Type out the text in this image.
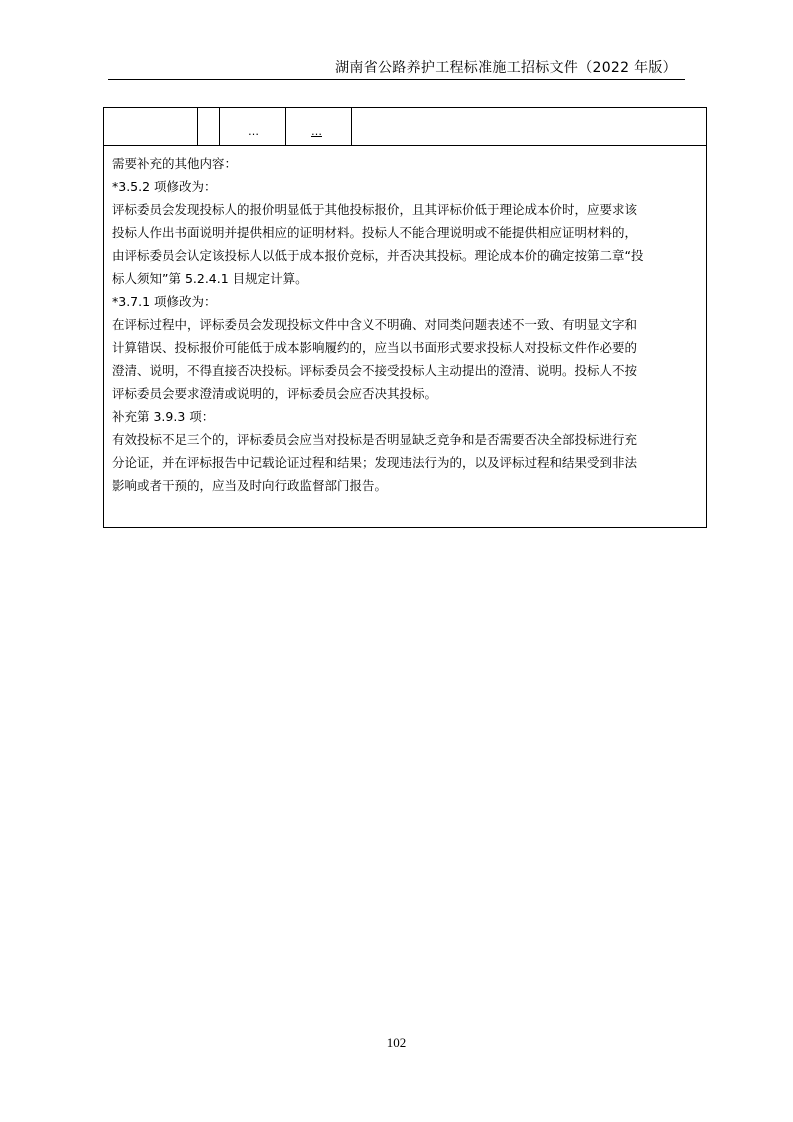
湖南省公路养护工程标准施工招标文件（2022 年版）
…	…

需要补充的其他内容：

*3.5.2 项修改为：

评标委员会发现投标人的报价明显低于其他投标报价，且其评标价低于理论成本价时，应要求该

投标人作出书面说明并提供相应的证明材料。投标人不能合理说明或不能提供相应证明材料的，

由评标委员会认定该投标人以低于成本报价竞标，并否决其投标。理论成本价的确定按第二章“投

标人须知”第 5.2.4.1 目规定计算。

*3.7.1 项修改为：

在评标过程中，评标委员会发现投标文件中含义不明确、对同类问题表述不一致、有明显文字和

计算错误、投标报价可能低于成本影响履约的，应当以书面形式要求投标人对投标文件作必要的

澄清、说明，不得直接否决投标。评标委员会不接受投标人主动提出的澄清、说明。投标人不按

评标委员会要求澄清或说明的，评标委员会应否决其投标。

补充第 3.9.3 项：

有效投标不足三个的，评标委员会应当对投标是否明显缺乏竞争和是否需要否决全部投标进行充

分论证，并在评标报告中记载论证过程和结果；发现违法行为的，以及评标过程和结果受到非法

影响或者干预的，应当及时向行政监督部门报告。

102
